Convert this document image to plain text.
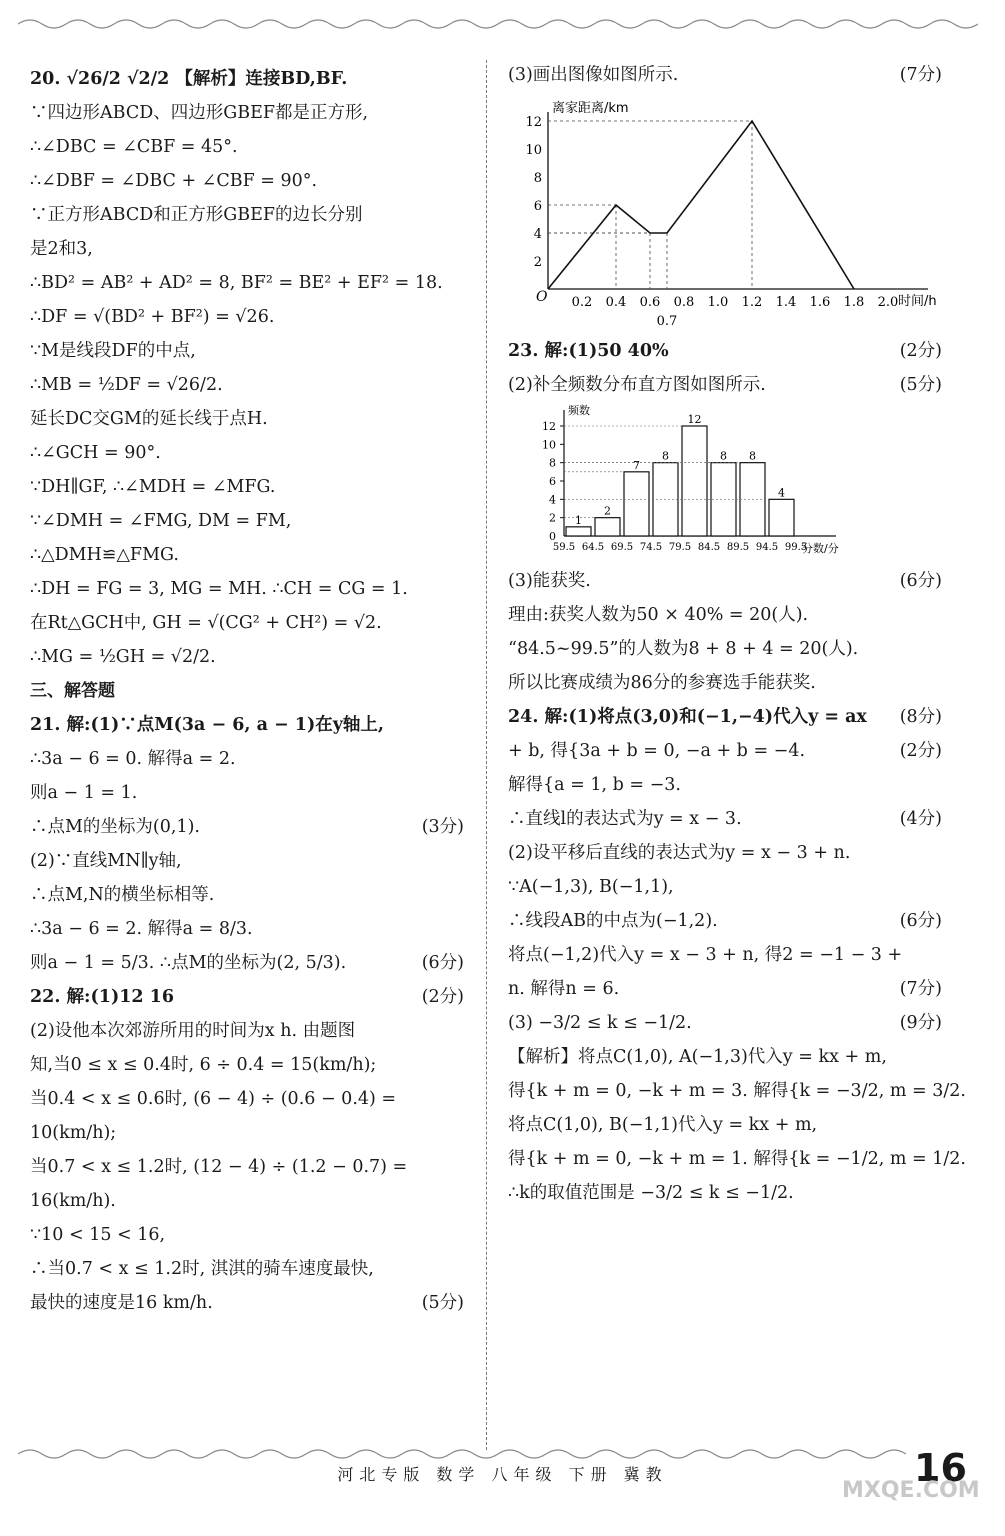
20. √26/2 √2/2 【解析】连接BD,BF.
∵四边形ABCD、四边形GBEF都是正方形,
∴∠DBC = ∠CBF = 45°.
∴∠DBF = ∠DBC + ∠CBF = 90°.
∵正方形ABCD和正方形GBEF的边长分别
是2和3,
∴BD² = AB² + AD² = 8, BF² = BE² + EF² = 18.
∴DF = √(BD² + BF²) = √26.
∵M是线段DF的中点,
∴MB = ½DF = √26/2.
延长DC交GM的延长线于点H.
∴∠GCH = 90°.
∵DH∥GF, ∴∠MDH = ∠MFG.
∵∠DMH = ∠FMG, DM = FM,
∴△DMH≌△FMG.
∴DH = FG = 3, MG = MH. ∴CH = CG = 1.
在Rt△GCH中, GH = √(CG² + CH²) = √2.
∴MG = ½GH = √2/2.
三、解答题
21. 解:(1)∵点M(3a − 6, a − 1)在y轴上,
∴3a − 6 = 0. 解得a = 2.
则a − 1 = 1.
∴点M的坐标为(0,1).	(3分)
(2)∵直线MN∥y轴,
∴点M,N的横坐标相等.
∴3a − 6 = 2. 解得a = 8/3.
则a − 1 = 5/3. ∴点M的坐标为(2, 5/3).	(6分)
22. 解:(1)12 16	(2分)
(2)设他本次郊游所用的时间为x h. 由题图
知,当0 ≤ x ≤ 0.4时, 6 ÷ 0.4 = 15(km/h);
当0.4 < x ≤ 0.6时, (6 − 4) ÷ (0.6 − 0.4) =
10(km/h);
当0.7 < x ≤ 1.2时, (12 − 4) ÷ (1.2 − 0.7) =
16(km/h).
∵10 < 15 < 16,
∴当0.7 < x ≤ 1.2时, 淇淇的骑车速度最快,
最快的速度是16 km/h.	(5分)
(3)画出图像如图所示.	(7分)
离家距离/km
时间/h
O 0.2 0.4 0.6 0.8 1.0 1.2 1.4 1.6 1.8 2.0
0.7
2
4
6
8
10
12
23. 解:(1)50 40%	(2分)
(2)补全频数分布直方图如图所示.	(5分)
频数
分数/分
0
2
4
6
8
10
12
59.5 64.5 69.5 74.5 79.5 84.5 89.5 94.5 99.5
1
2
7
8
12
8 8
4
(3)能获奖.	(6分)
理由:获奖人数为50 × 40% = 20(人).
“84.5~99.5”的人数为8 + 8 + 4 = 20(人).
所以比赛成绩为86分的参赛选手能获奖.
(8分)
24. 解:(1)将点(3,0)和(−1,−4)代入y = ax
+ b, 得{3a + b = 0, −a + b = −4.	(2分)
解得{a = 1, b = −3.
∴直线l的表达式为y = x − 3.	(4分)
(2)设平移后直线的表达式为y = x − 3 + n.
∵A(−1,3), B(−1,1),
∴线段AB的中点为(−1,2).	(6分)
将点(−1,2)代入y = x − 3 + n, 得2 = −1 − 3 +
n. 解得n = 6.	(7分)
(3) −3/2 ≤ k ≤ −1/2.	(9分)
【解析】将点C(1,0), A(−1,3)代入y = kx + m,
得{k + m = 0, −k + m = 3. 解得{k = −3/2, m = 3/2.
将点C(1,0), B(−1,1)代入y = kx + m,
得{k + m = 0, −k + m = 1. 解得{k = −1/2, m = 1/2.
∴k的取值范围是 −3/2 ≤ k ≤ −1/2.
河北专版 数学 八年级 下册 冀教	16
MXQE.COM
